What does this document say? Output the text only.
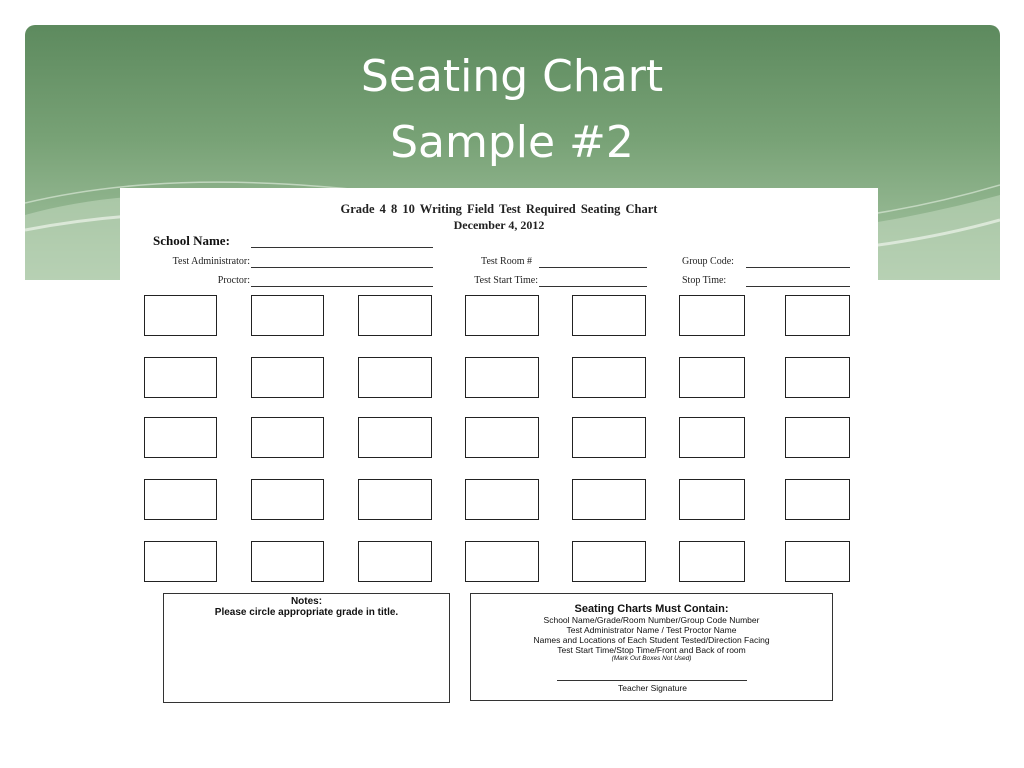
Seating Chart
Sample #2
Grade 4 8 10 Writing Field Test Required Seating Chart
December 4, 2012
School Name:
Test Administrator:
Proctor:
Test Room #
Test Start Time:
Group Code:
Stop Time:
Notes:
Please circle appropriate grade in title.	Seating Charts Must Contain:
School Name/Grade/Room Number/Group Code Number
Test Administrator Name / Test Proctor Name
Names and Locations of Each Student Tested/Direction Facing
Test Start Time/Stop Time/Front and Back of room
(Mark Out Boxes Not Used)
Teacher Signature
